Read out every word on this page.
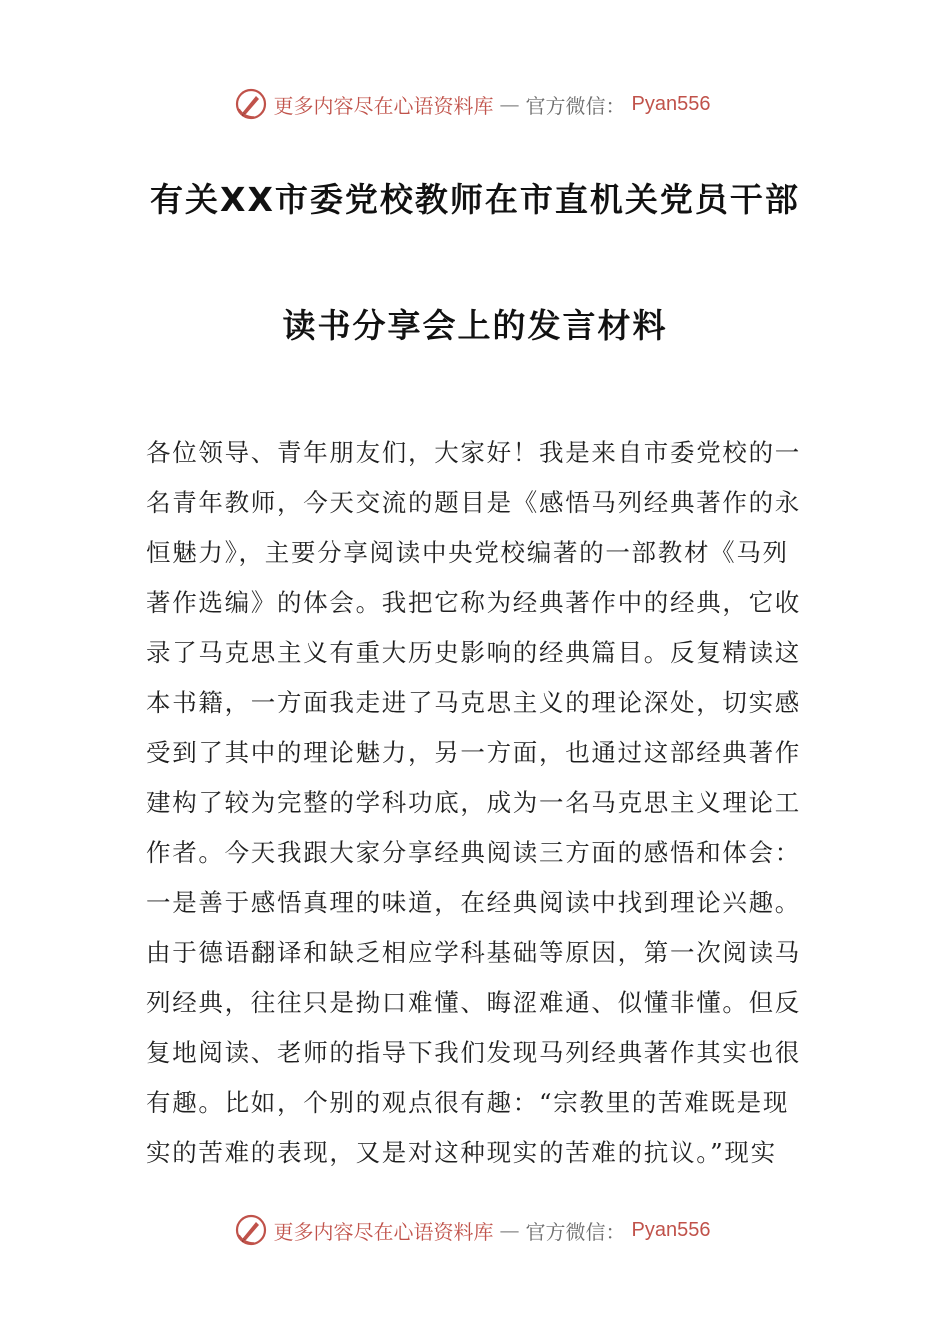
更多内容尽在心语资料库 — 官方微信： Pyan556
有关XX市委党校教师在市直机关党员干部
读书分享会上的发言材料
各位领导、青年朋友们，大家好！我是来自市委党校的一
名青年教师，今天交流的题目是《感悟马列经典著作的永
恒魅力》，主要分享阅读中央党校编著的一部教材《马列
著作选编》的体会。我把它称为经典著作中的经典，它收
录了马克思主义有重大历史影响的经典篇目。反复精读这
本书籍，一方面我走进了马克思主义的理论深处，切实感
受到了其中的理论魅力，另一方面，也通过这部经典著作
建构了较为完整的学科功底，成为一名马克思主义理论工
作者。今天我跟大家分享经典阅读三方面的感悟和体会：
一是善于感悟真理的味道，在经典阅读中找到理论兴趣。
由于德语翻译和缺乏相应学科基础等原因，第一次阅读马
列经典，往往只是拗口难懂、晦涩难通、似懂非懂。但反
复地阅读、老师的指导下我们发现马列经典著作其实也很
有趣。比如，个别的观点很有趣：“宗教里的苦难既是现
实的苦难的表现，又是对这种现实的苦难的抗议。”现实
更多内容尽在心语资料库 — 官方微信： Pyan556
